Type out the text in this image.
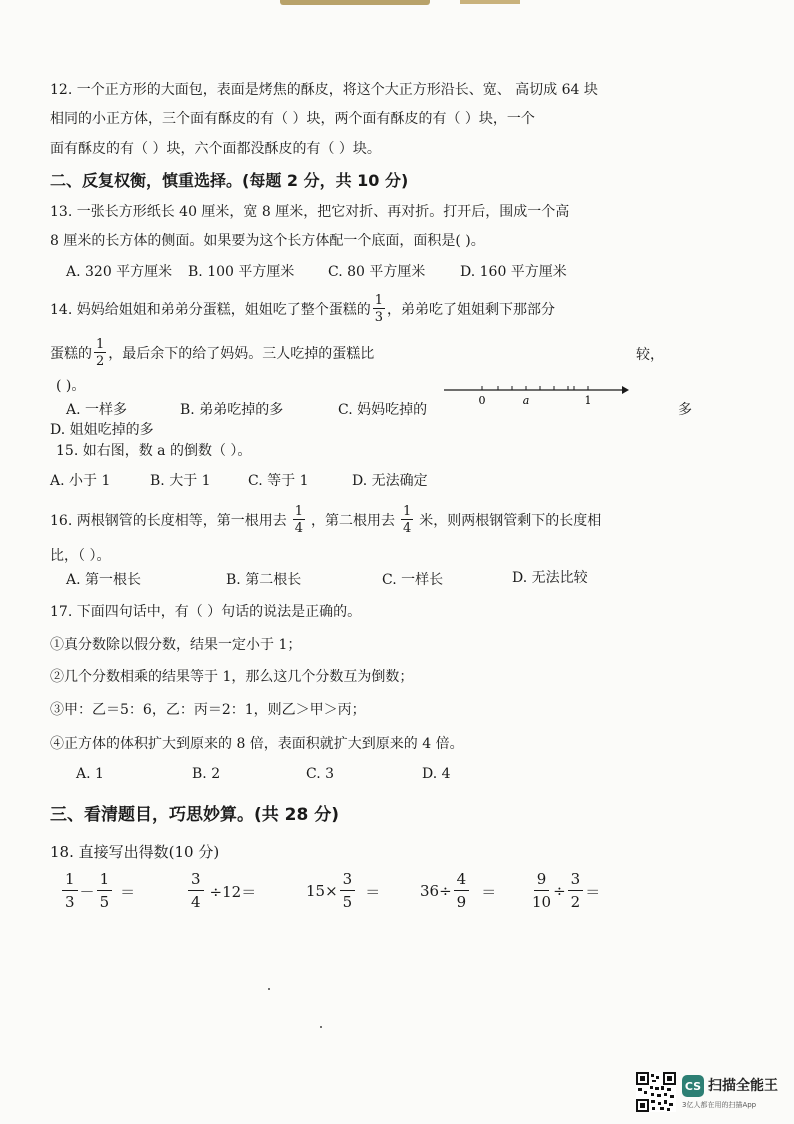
12. 一个正方形的大面包，表面是烤焦的酥皮，将这个大正方形沿长、宽、 高切成 64 块
相同的小正方体，三个面有酥皮的有（ ）块，两个面有酥皮的有（ ）块，一个
面有酥皮的有（ ）块，六个面都没酥皮的有（ ）块。
二、反复权衡，慎重选择。(每题 2 分，共 10 分)
13. 一张长方形纸长 40 厘米，宽 8 厘米，把它对折、再对折。打开后，围成一个高
8 厘米的长方体的侧面。如果要为这个长方体配一个底面，面积是( )。
A. 320 平方厘米 B. 100 平方厘米 C. 80 平方厘米 D. 160 平方厘米
14. 妈妈给姐姐和弟弟分蛋糕，姐姐吃了整个蛋糕的 $\frac{1}{3}$ ，弟弟吃了姐姐剩下那部分
蛋糕的 $\frac{1}{2}$ ，最后余下的给了妈妈。三人吃掉的蛋糕比	较，
( )。
A. 一样多	B. 弟弟吃掉的多	C. 妈妈吃掉的	多
D. 姐姐吃掉的多
0	a	1
15. 如右图，数 a 的倒数（ ）。
A. 小于 1	B. 大于 1	C. 等于 1	D. 无法确定
16. 两根钢管的长度相等，第一根用去 $\frac{1}{4}$ ，第二根用去 $\frac{1}{4}$ 米，则两根钢管剩下的长度相
比，（ ）。
A. 第一根长	B. 第二根长	C. 一样长	D. 无法比较
17. 下面四句话中，有（ ）句话的说法是正确的。
①真分数除以假分数，结果一定小于 1；
②几个分数相乘的结果等于 1，那么这几个分数互为倒数；
③甲：乙＝5：6，乙：丙＝2：1，则乙＞甲＞丙；
④正方体的体积扩大到原来的 8 倍，表面积就扩大到原来的 4 倍。
A. 1	B. 2	C. 3	D. 4
三、看清题目，巧思妙算。(共 28 分)
18. 直接写出得数(10 分)
$\frac{1}{3} - \frac{1}{5}$ ＝	$\frac{3}{4} \div 12=$	$15\times \frac{3}{5}$ ＝	$36\div \frac{4}{9} = \frac{9}{10} \div \frac{3}{2}$ ＝
CS 扫描全能王
3亿人都在用的扫描App
